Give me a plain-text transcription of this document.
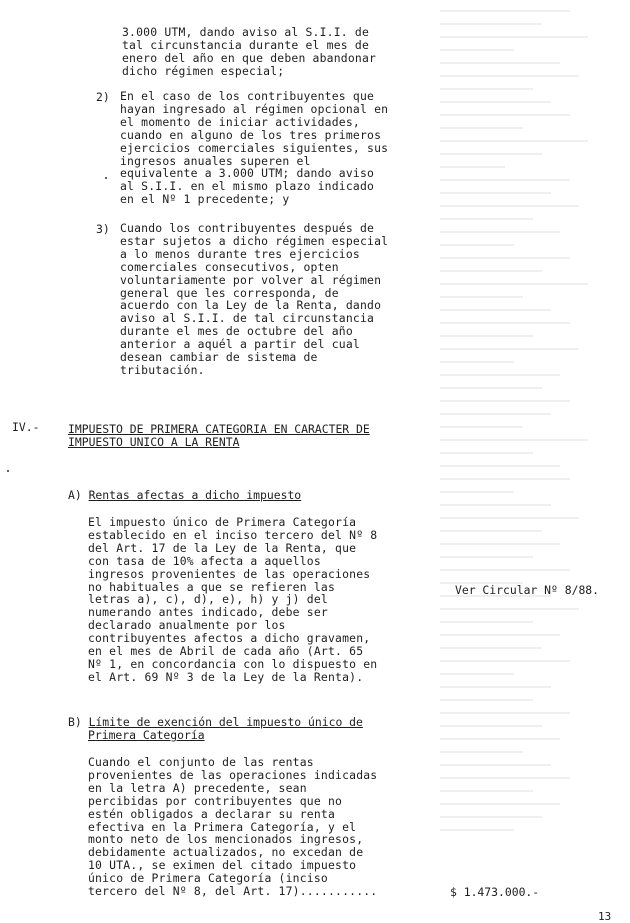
3.000 UTM, dando aviso al S.I.I. de
tal circunstancia durante el mes de
enero del año en que deben abandonar
dicho régimen especial;
2) En el caso de los contribuyentes que
hayan ingresado al régimen opcional en
el momento de iniciar actividades,
cuando en alguno de los tres primeros
ejercicios comerciales siguientes, sus
ingresos anuales superen el
equivalente a 3.000 UTM; dando aviso
al S.I.I. en el mismo plazo indicado
en el Nº 1 precedente; y
3) Cuando los contribuyentes después de
estar sujetos a dicho régimen especial
a lo menos durante tres ejercicios
comerciales consecutivos, opten
voluntariamente por volver al régimen
general que les corresponda, de
acuerdo con la Ley de la Renta, dando
aviso al S.I.I. de tal circunstancia
durante el mes de octubre del año
anterior a aquél a partir del cual
desean cambiar de sistema de
tributación.
IV.-	IMPUESTO DE PRIMERA CATEGORIA EN CARACTER DE
IMPUESTO UNICO A LA RENTA
A) Rentas afectas a dicho impuesto
El impuesto único de Primera Categoría
establecido en el inciso tercero del Nº 8
del Art. 17 de la Ley de la Renta, que
con tasa de 10% afecta a aquellos
ingresos provenientes de las operaciones
no habituales a que se refieren las
letras a), c), d), e), h) y j) del
numerando antes indicado, debe ser
declarado anualmente por los
contribuyentes afectos a dicho gravamen,
en el mes de Abril de cada año (Art. 65
Nº 1, en concordancia con lo dispuesto en
el Art. 69 Nº 3 de la Ley de la Renta).
Ver Circular Nº 8/88.
B) Límite de exención del impuesto único de
Primera Categoría
Cuando el conjunto de las rentas
provenientes de las operaciones indicadas
en la letra A) precedente, sean
percibidas por contribuyentes que no
estén obligados a declarar su renta
efectiva en la Primera Categoría, y el
monto neto de los mencionados ingresos,
debidamente actualizados, no excedan de
10 UTA., se eximen del citado impuesto
único de Primera Categoría (inciso
tercero del Nº 8, del Art. 17)...........	$ 1.473.000.-
13
